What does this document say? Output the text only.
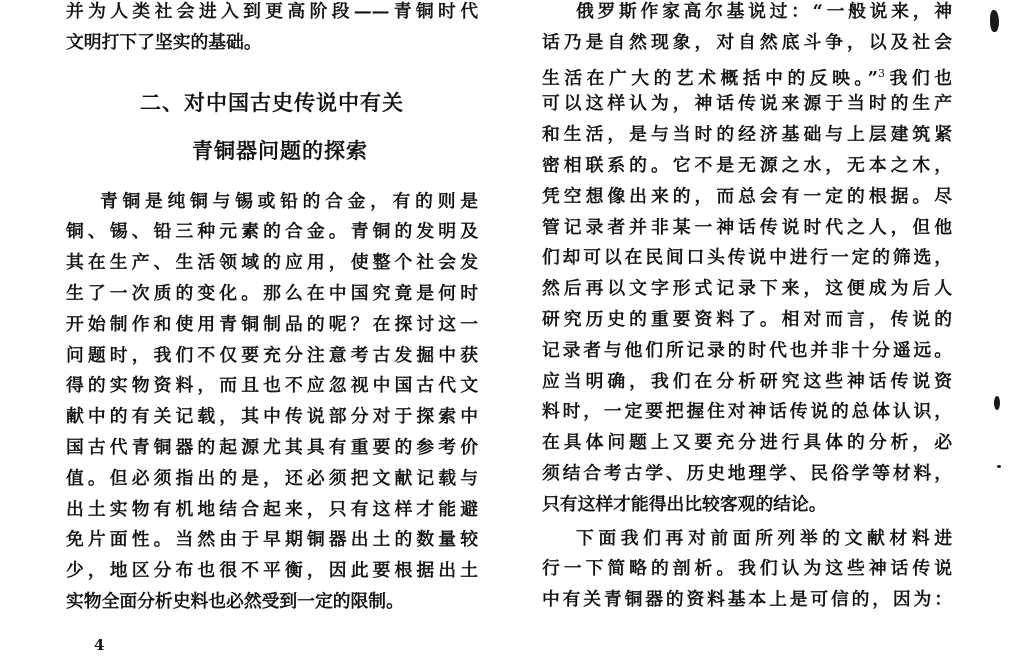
并为人类社会进入到更高阶段——青铜时代
文明打下了坚实的基础。
二、对中国古史传说中有关
青铜器问题的探索
青铜是纯铜与锡或铅的合金，有的则是
铜、锡、铅三种元素的合金。青铜的发明及
其在生产、生活领域的应用，使整个社会发
生了一次质的变化。那么在中国究竟是何时
开始制作和使用青铜制品的呢？在探讨这一
问题时，我们不仅要充分注意考古发掘中获
得的实物资料，而且也不应忽视中国古代文
献中的有关记载，其中传说部分对于探索中
国古代青铜器的起源尤其具有重要的参考价
值。但必须指出的是，还必须把文献记载与
出土实物有机地结合起来，只有这样才能避
免片面性。当然由于早期铜器出土的数量较
少，地区分布也很不平衡，因此要根据出土
实物全面分析史料也必然受到一定的限制。
俄罗斯作家高尔基说过：“一般说来，神
话乃是自然现象，对自然底斗争，以及社会
生活在广大的艺术概括中的反映。”$^3$我们也
可以这样认为，神话传说来源于当时的生产
和生活，是与当时的经济基础与上层建筑紧
密相联系的。它不是无源之水，无本之木，
凭空想像出来的，而总会有一定的根据。尽
管记录者并非某一神话传说时代之人，但他
们却可以在民间口头传说中进行一定的筛选，
然后再以文字形式记录下来，这便成为后人
研究历史的重要资料了。相对而言，传说的
记录者与他们所记录的时代也并非十分遥远。
应当明确，我们在分析研究这些神话传说资
料时，一定要把握住对神话传说的总体认识，
在具体问题上又要充分进行具体的分析，必
须结合考古学、历史地理学、民俗学等材料，
只有这样才能得出比较客观的结论。
下面我们再对前面所列举的文献材料进
行一下简略的剖析。我们认为这些神话传说
中有关青铜器的资料基本上是可信的，因为：
4
